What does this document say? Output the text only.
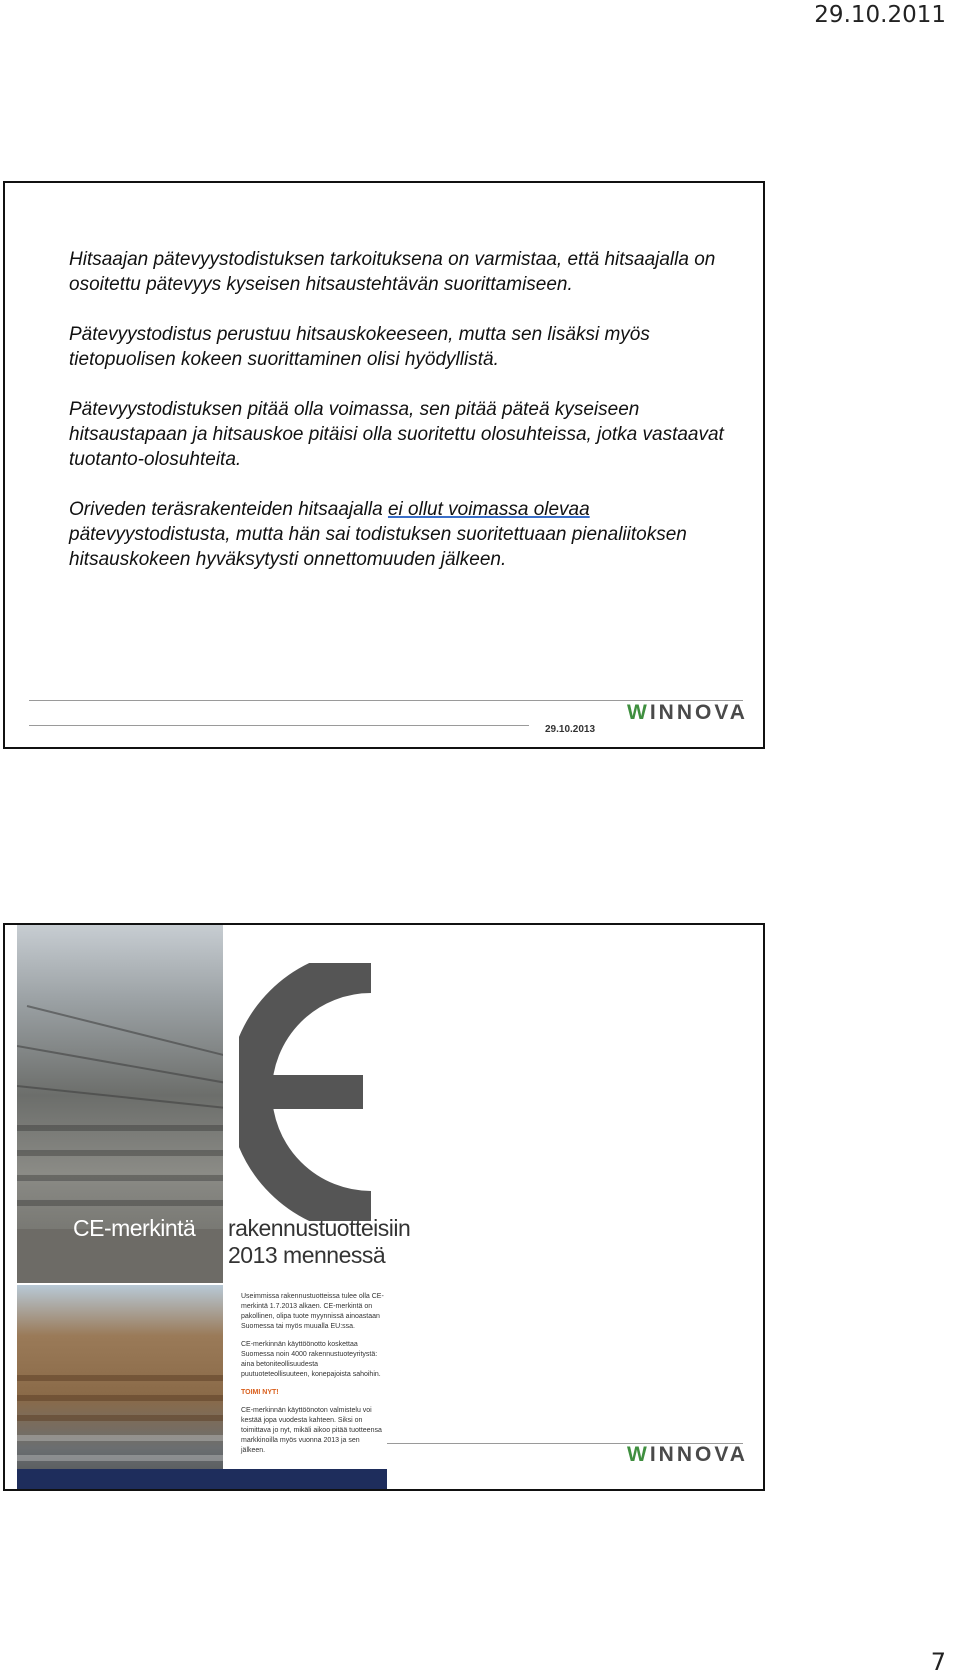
29.10.2011

Hitsaajan pätevyystodistuksen tarkoituksena on varmistaa, että hitsaajalla on osoitettu pätevyys kyseisen hitsaustehtävän suorittamiseen.

Pätevyystodistus perustuu hitsauskokeeseen, mutta sen lisäksi myös tietopuolisen kokeen suorittaminen olisi hyödyllistä.

Pätevyystodistuksen pitää olla voimassa, sen pitää päteä kyseiseen hitsaustapaan ja hitsauskoe pitäisi olla suoritettu olosuhteissa, jotka vastaavat tuotanto-olosuhteita.

Oriveden teräsrakenteiden hitsaajalla ei ollut voimassa olevaa pätevyystodistusta, mutta hän sai todistuksen suoritettuaan pienaliitoksen hitsauskokeen hyväksytysti onnettomuuden jälkeen.

29.10.2013
WINNOVA
CE-merkintä rakennustuotteisiin
2013 mennessä

Useimmissa rakennustuotteissa tulee olla CE-merkintä 1.7.2013 alkaen. CE-merkintä on pakollinen, olipa tuote myynnissä ainoastaan Suomessa tai myös muualla EU:ssa.

CE-merkinnän käyttöönotto koskettaa Suomessa noin 4000 rakennustuoteyritystä: aina betoniteollisuudesta puutuoteteollisuuteen, konepajoista sahoihin.

TOIMI NYT!

CE-merkinnän käyttöönoton valmistelu voi kestää jopa vuodesta kahteen. Siksi on toimittava jo nyt, mikäli aikoo pitää tuotteensa markkinoilla myös vuonna 2013 ja sen jälkeen.	WINNOVA
7
